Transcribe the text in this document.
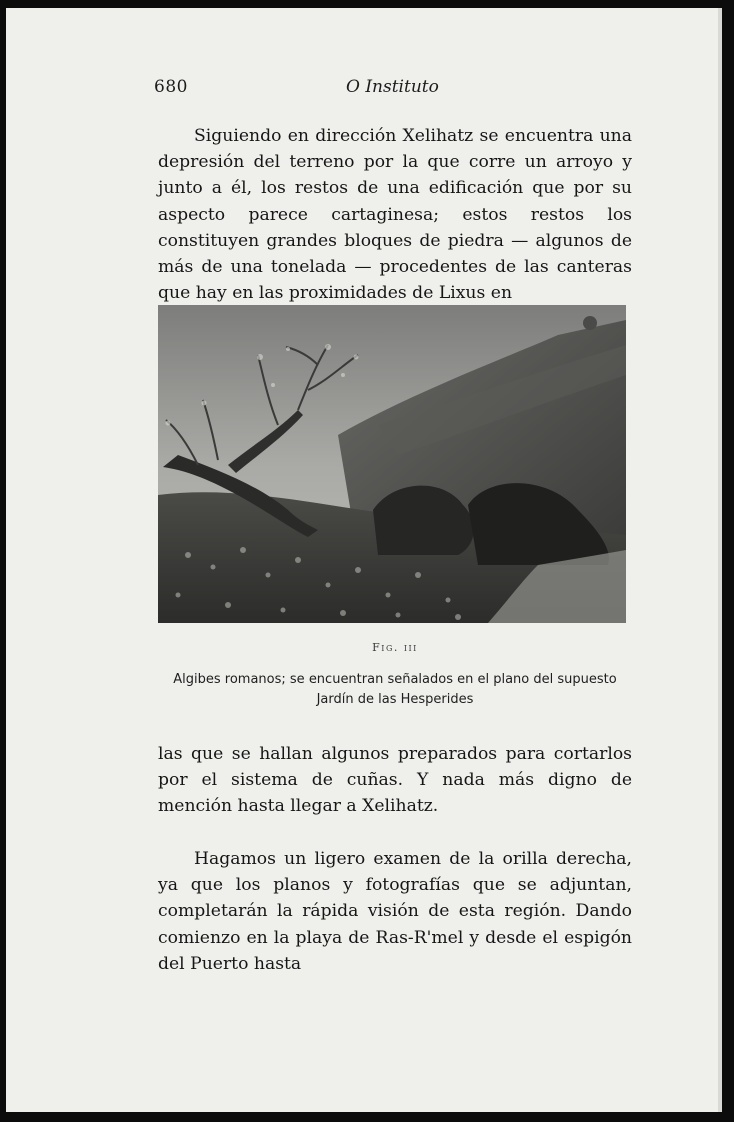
680	O Instituto

Siguiendo en dirección Xelihatz se encuentra una depresión del terreno por la que corre un arroyo y junto a él, los restos de una edificación que por su aspecto parece cartaginesa; estos restos los constituyen grandes bloques de piedra — algunos de más de una tonelada — procedentes de las canteras que hay en las proximidades de Lixus en

Fig. iii
Algibes romanos; se encuentran señalados en el plano del supuesto
Jardín de las Hesperides

las que se hallan algunos preparados para cortarlos por el sistema de cuñas. Y nada más digno de mención hasta llegar a Xelihatz.

Hagamos un ligero examen de la orilla derecha, ya que los planos y fotografías que se adjuntan, completarán la rápida visión de esta región. Dando comienzo en la playa de Ras-R'mel y desde el espigón del Puerto hasta
